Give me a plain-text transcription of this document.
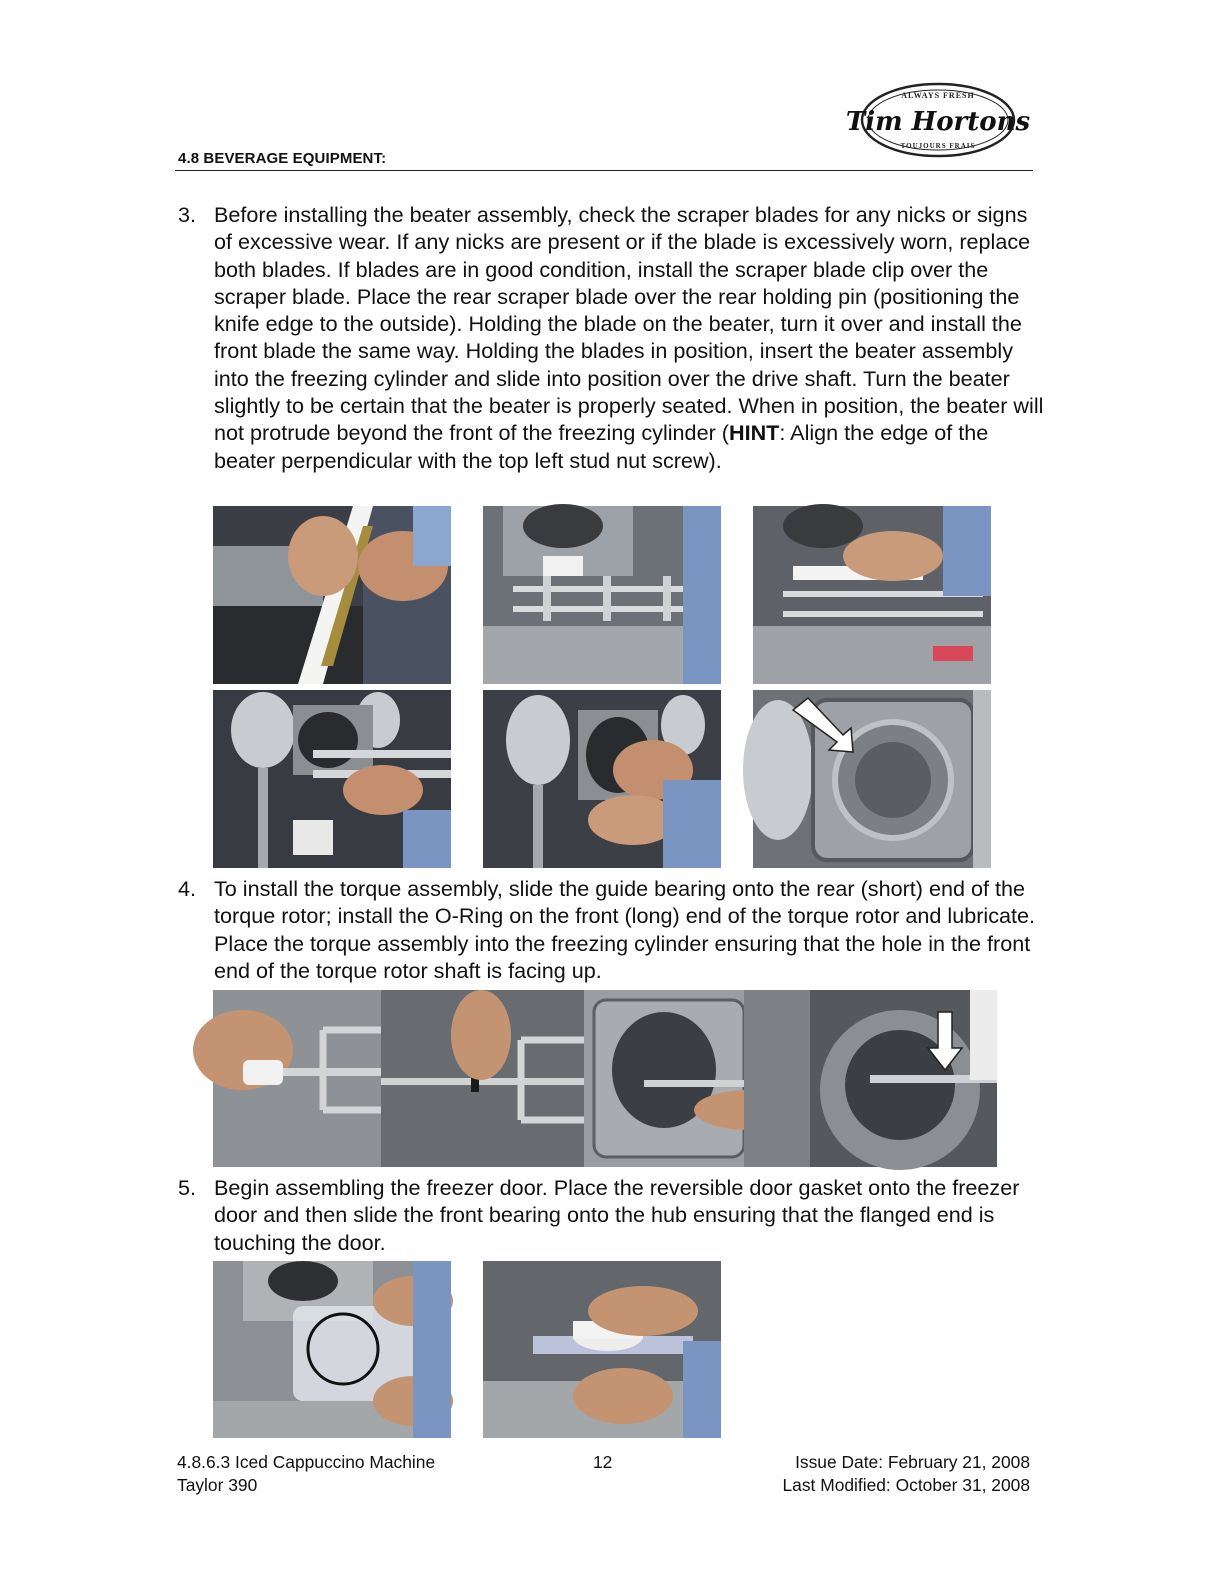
4.8 BEVERAGE EQUIPMENT:
ALWAYS FRESH
Tim Hortons
TOUJOURS FRAIS
3. Before installing the beater assembly, check the scraper blades for any nicks or signs of excessive wear. If any nicks are present or if the blade is excessively worn, replace both blades. If blades are in good condition, install the scraper blade clip over the scraper blade. Place the rear scraper blade over the rear holding pin (positioning the knife edge to the outside). Holding the blade on the beater, turn it over and install the front blade the same way. Holding the blades in position, insert the beater assembly into the freezing cylinder and slide into position over the drive shaft. Turn the beater slightly to be certain that the beater is properly seated. When in position, the beater will not protrude beyond the front of the freezing cylinder (HINT: Align the edge of the beater perpendicular with the top left stud nut screw).
4. To install the torque assembly, slide the guide bearing onto the rear (short) end of the torque rotor; install the O-Ring on the front (long) end of the torque rotor and lubricate. Place the torque assembly into the freezing cylinder ensuring that the hole in the front end of the torque rotor shaft is facing up.
5. Begin assembling the freezer door. Place the reversible door gasket onto the freezer door and then slide the front bearing onto the hub ensuring that the flanged end is touching the door.
4.8.6.3 Iced Cappuccino Machine
Taylor 390
12	Issue Date: February 21, 2008
Last Modified: October 31, 2008
